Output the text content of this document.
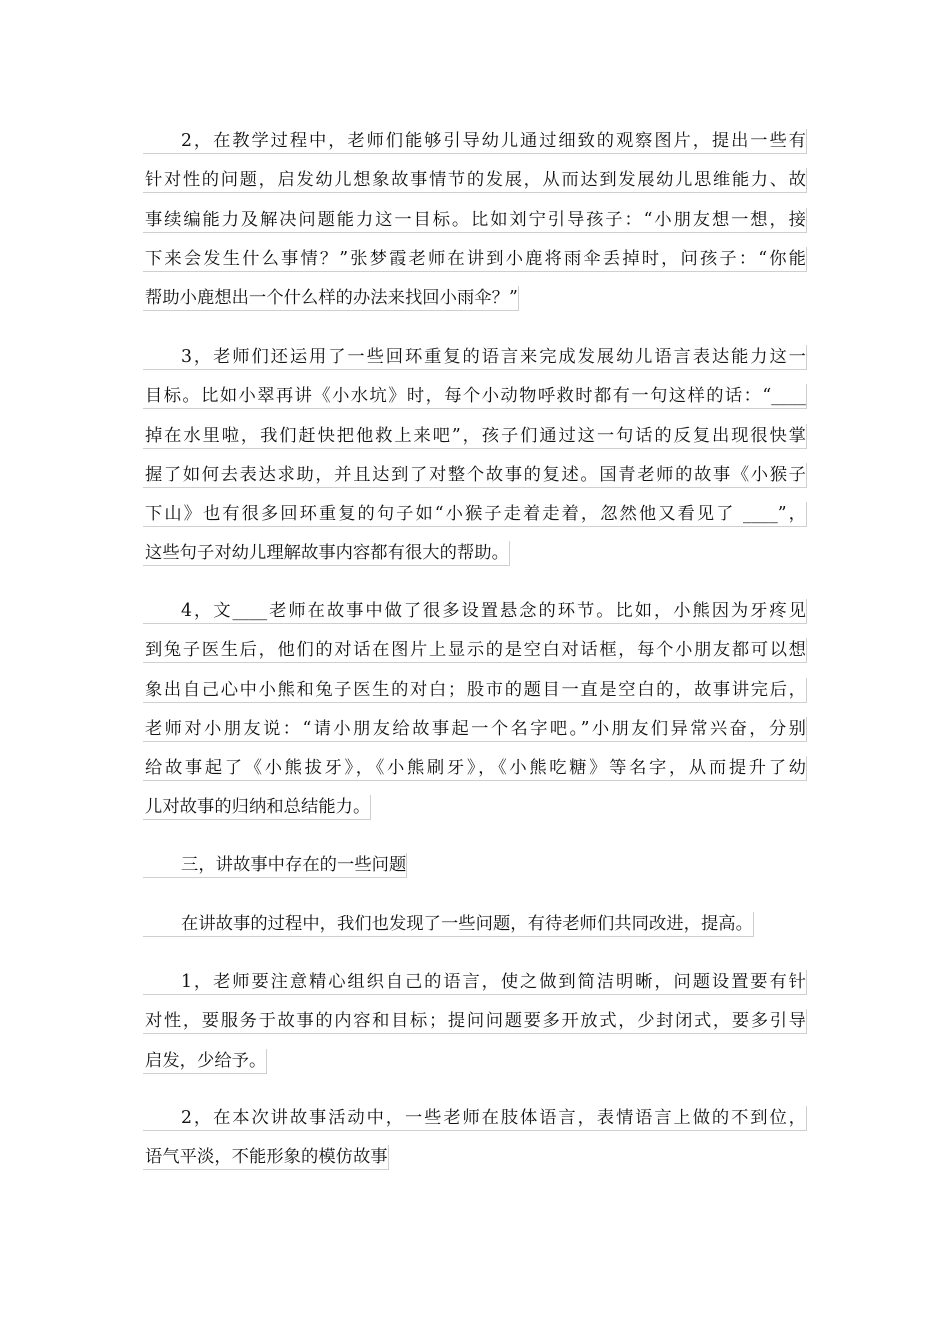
2，在教学过程中，老师们能够引导幼儿通过细致的观察图片，提出一些有
针对性的问题，启发幼儿想象故事情节的发展，从而达到发展幼儿思维能力、故
事续编能力及解决问题能力这一目标。比如刘宁引导孩子：“小朋友想一想，接
下来会发生什么事情？”张梦霞老师在讲到小鹿将雨伞丢掉时，问孩子：“你能
帮助小鹿想出一个什么样的办法来找回小雨伞？”
3，老师们还运用了一些回环重复的语言来完成发展幼儿语言表达能力这一
目标。比如小翠再讲《小水坑》时，每个小动物呼救时都有一句这样的话：“____
掉在水里啦，我们赶快把他救上来吧”，孩子们通过这一句话的反复出现很快掌
握了如何去表达求助，并且达到了对整个故事的复述。国青老师的故事《小猴子
下山》也有很多回环重复的句子如“小猴子走着走着，忽然他又看见了 ____”，
这些句子对幼儿理解故事内容都有很大的帮助。
4，文____老师在故事中做了很多设置悬念的环节。比如，小熊因为牙疼见
到兔子医生后，他们的对话在图片上显示的是空白对话框，每个小朋友都可以想
象出自己心中小熊和兔子医生的对白；股市的题目一直是空白的，故事讲完后，
老师对小朋友说：“请小朋友给故事起一个名字吧。”小朋友们异常兴奋，分别
给故事起了《小熊拔牙》，《小熊刷牙》，《小熊吃糖》等名字，从而提升了幼
儿对故事的归纳和总结能力。
三，讲故事中存在的一些问题
在讲故事的过程中，我们也发现了一些问题，有待老师们共同改进，提高。
1，老师要注意精心组织自己的语言，使之做到简洁明晰，问题设置要有针
对性，要服务于故事的内容和目标；提问问题要多开放式，少封闭式，要多引导
启发，少给予。
2，在本次讲故事活动中，一些老师在肢体语言，表情语言上做的不到位，
语气平淡，不能形象的模仿故事
